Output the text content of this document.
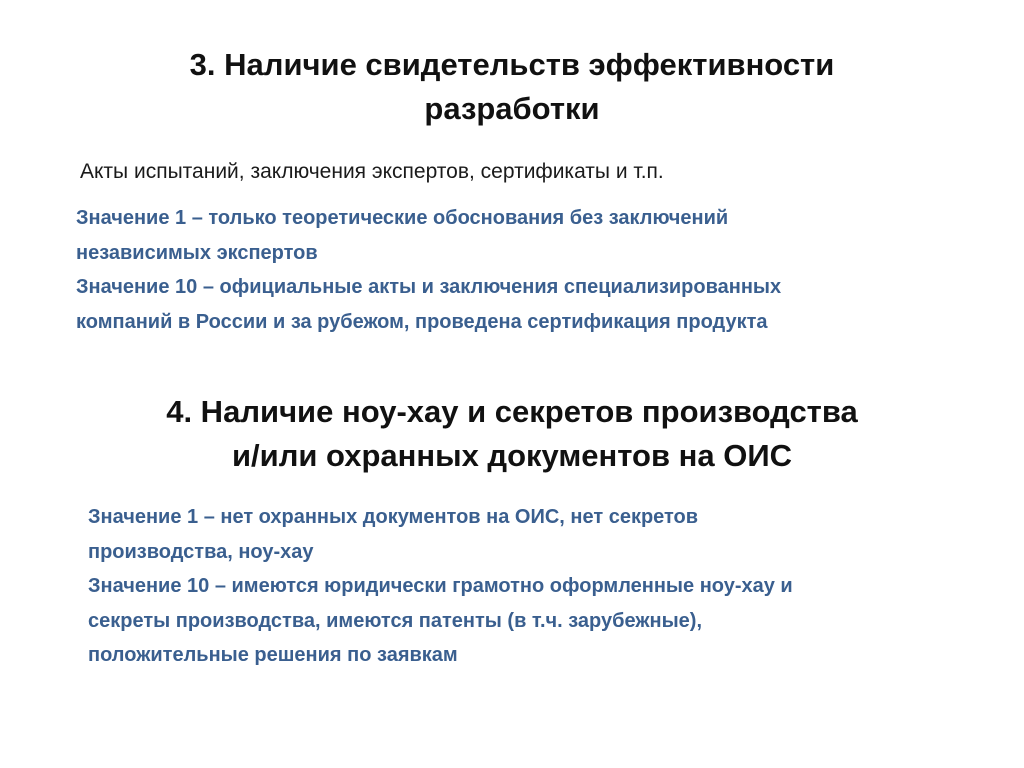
3. Наличие свидетельств эффективности
разработки
Акты испытаний, заключения экспертов, сертификаты и т.п.
Значение 1 – только теоретические обоснования без заключений
независимых экспертов
Значение 10 – официальные акты и заключения специализированных
компаний в России и за рубежом, проведена сертификация продукта
4. Наличие ноу-хау и секретов производства
и/или охранных документов на ОИС
Значение 1 – нет охранных документов на ОИС, нет секретов
производства, ноу-хау
Значение 10 – имеются юридически грамотно оформленные ноу-хау и
секреты производства, имеются патенты (в т.ч. зарубежные),
положительные решения по заявкам
